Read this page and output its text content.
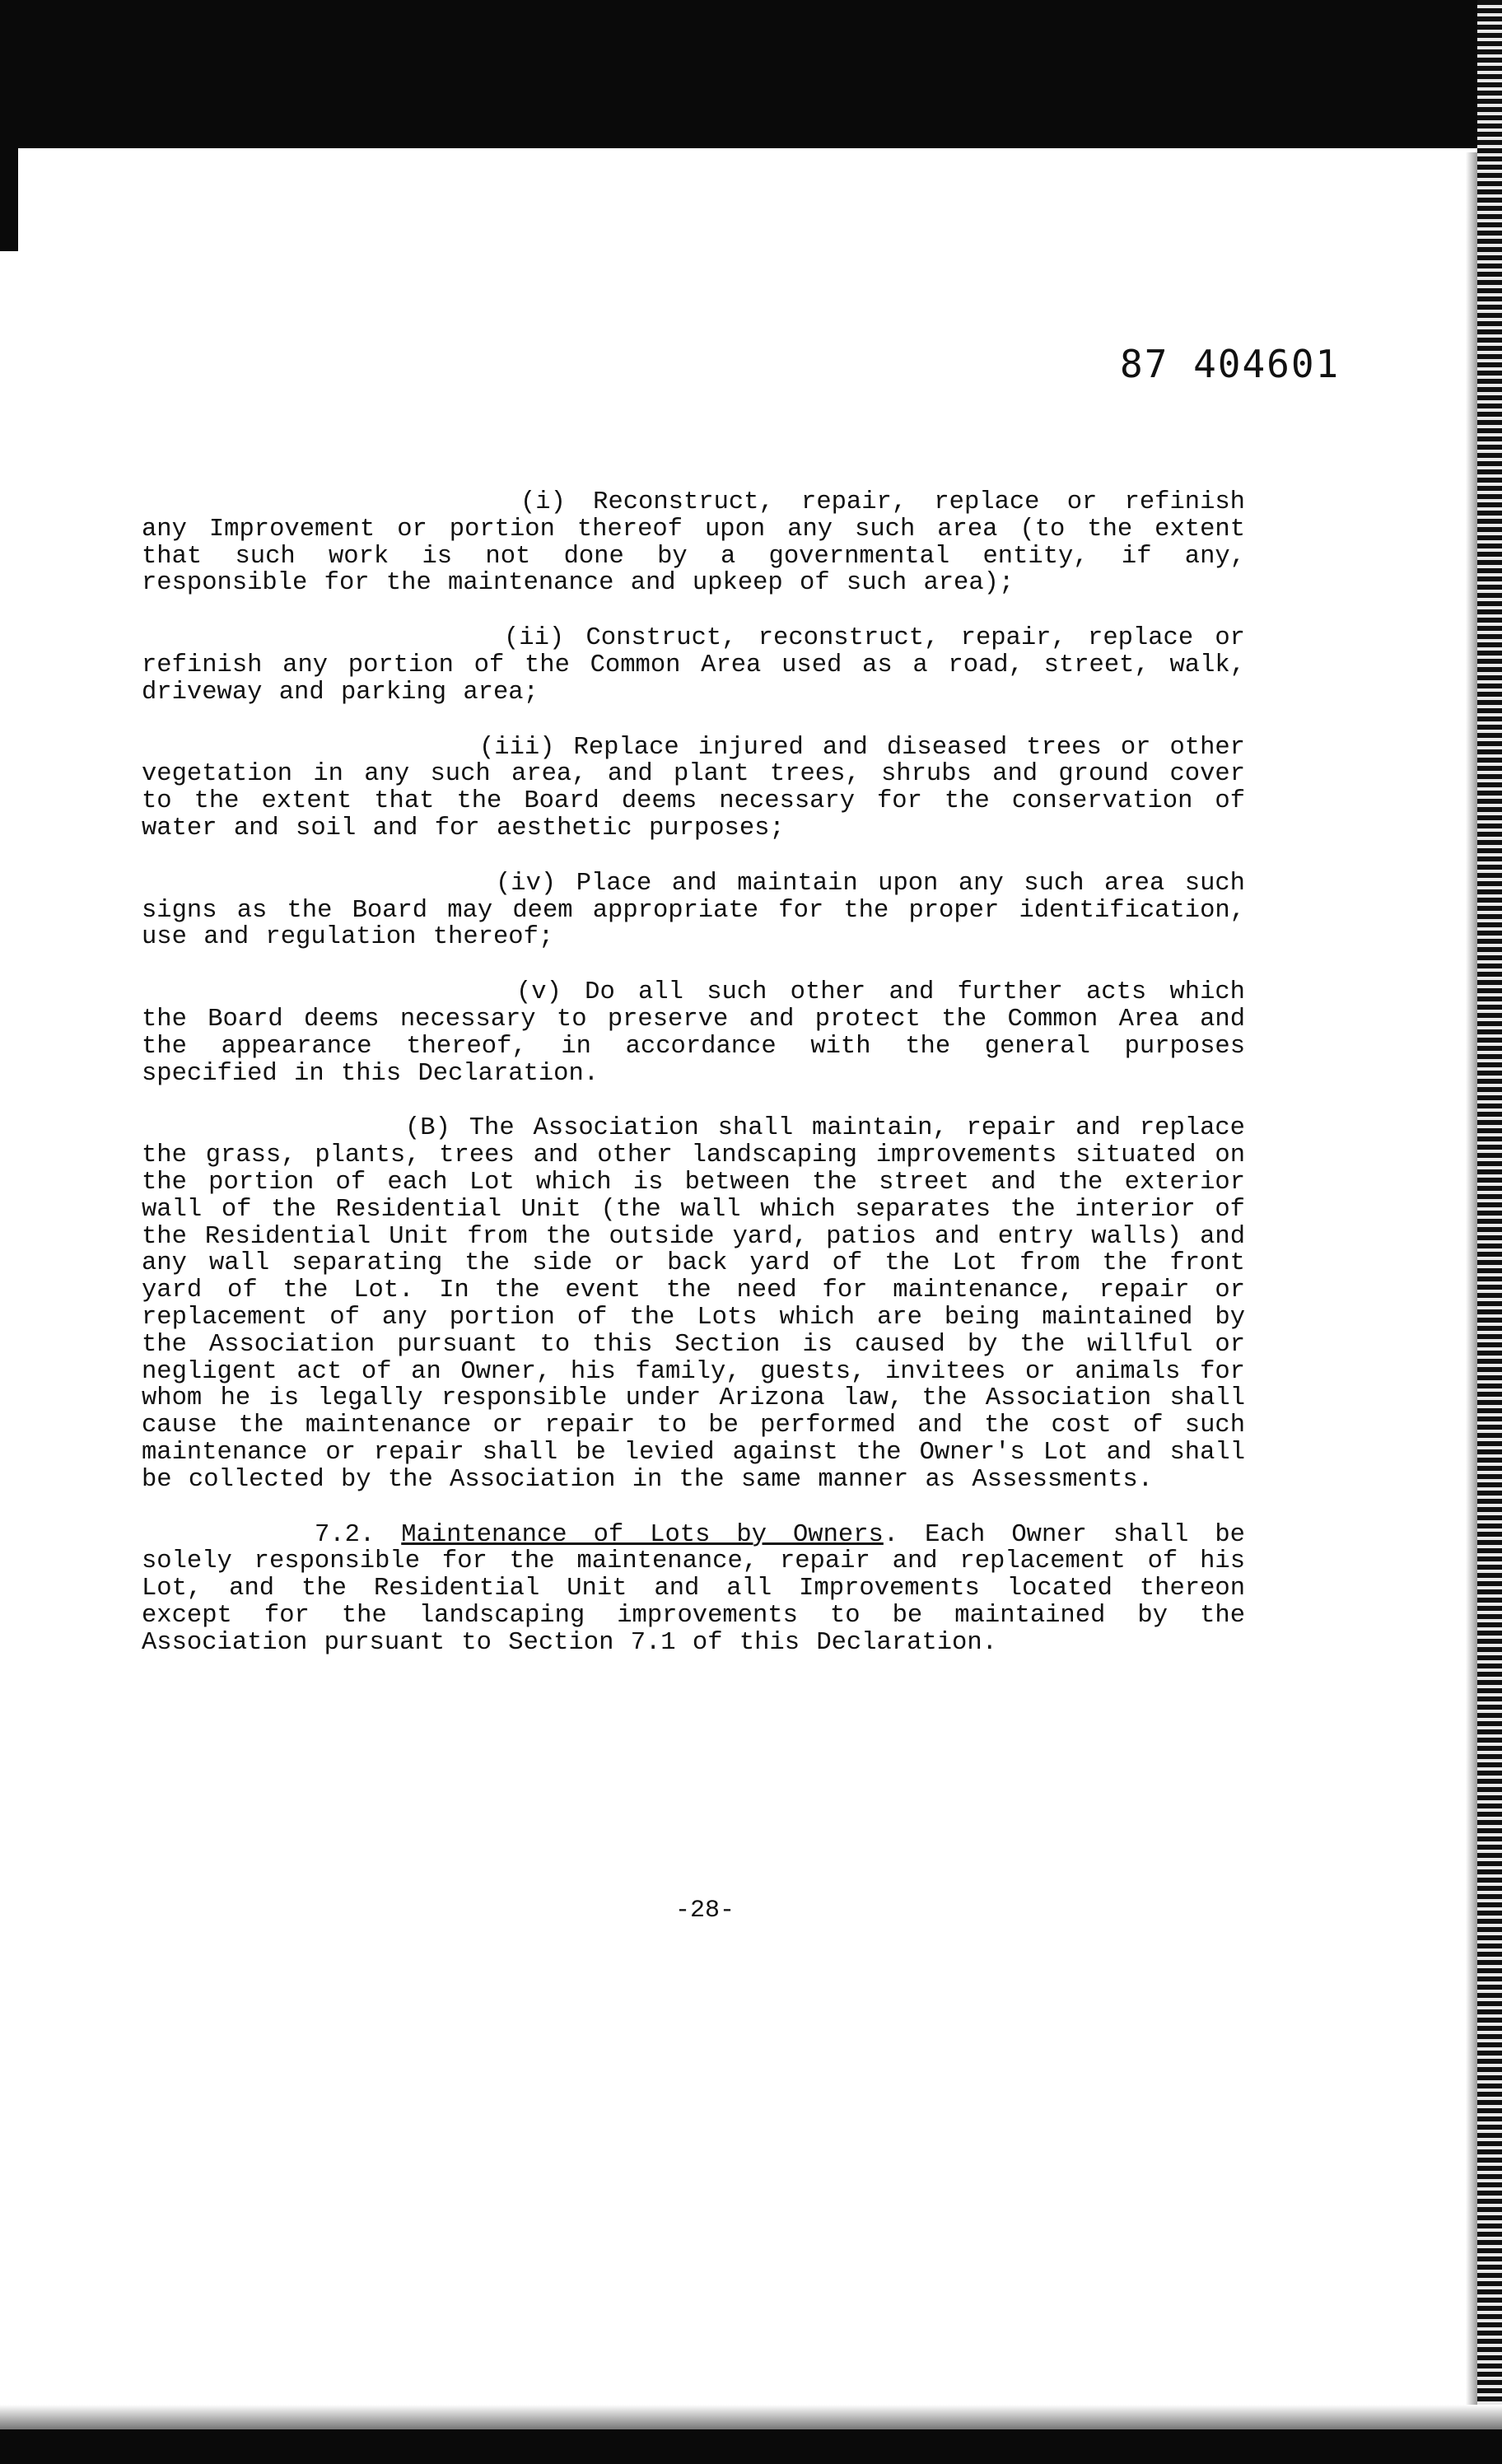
87 404601

(i) Reconstruct, repair, replace or refinish any Improvement or portion thereof upon any such area (to the extent that such work is not done by a governmental entity, if any, responsible for the maintenance and upkeep of such area);

(ii) Construct, reconstruct, repair, replace or refinish any portion of the Common Area used as a road, street, walk, driveway and parking area;

(iii) Replace injured and diseased trees or other vegetation in any such area, and plant trees, shrubs and ground cover to the extent that the Board deems necessary for the conservation of water and soil and for aesthetic purposes;

(iv) Place and maintain upon any such area such signs as the Board may deem appropriate for the proper identification, use and regulation thereof;

(v) Do all such other and further acts which the Board deems necessary to preserve and protect the Common Area and the appearance thereof, in accordance with the general purposes specified in this Declaration.

(B) The Association shall maintain, repair and replace the grass, plants, trees and other landscaping improvements situated on the portion of each Lot which is between the street and the exterior wall of the Residential Unit (the wall which separates the interior of the Residential Unit from the outside yard, patios and entry walls) and any wall separating the side or back yard of the Lot from the front yard of the Lot. In the event the need for maintenance, repair or replacement of any portion of the Lots which are being maintained by the Association pursuant to this Section is caused by the willful or negligent act of an Owner, his family, guests, invitees or animals for whom he is legally responsible under Arizona law, the Association shall cause the maintenance or repair to be performed and the cost of such maintenance or repair shall be levied against the Owner's Lot and shall be collected by the Association in the same manner as Assessments.

7.2. Maintenance of Lots by Owners. Each Owner shall be solely responsible for the maintenance, repair and replacement of his Lot, and the Residential Unit and all Improvements located thereon except for the landscaping improvements to be maintained by the Association pursuant to Section 7.1 of this Declaration.

-28-
